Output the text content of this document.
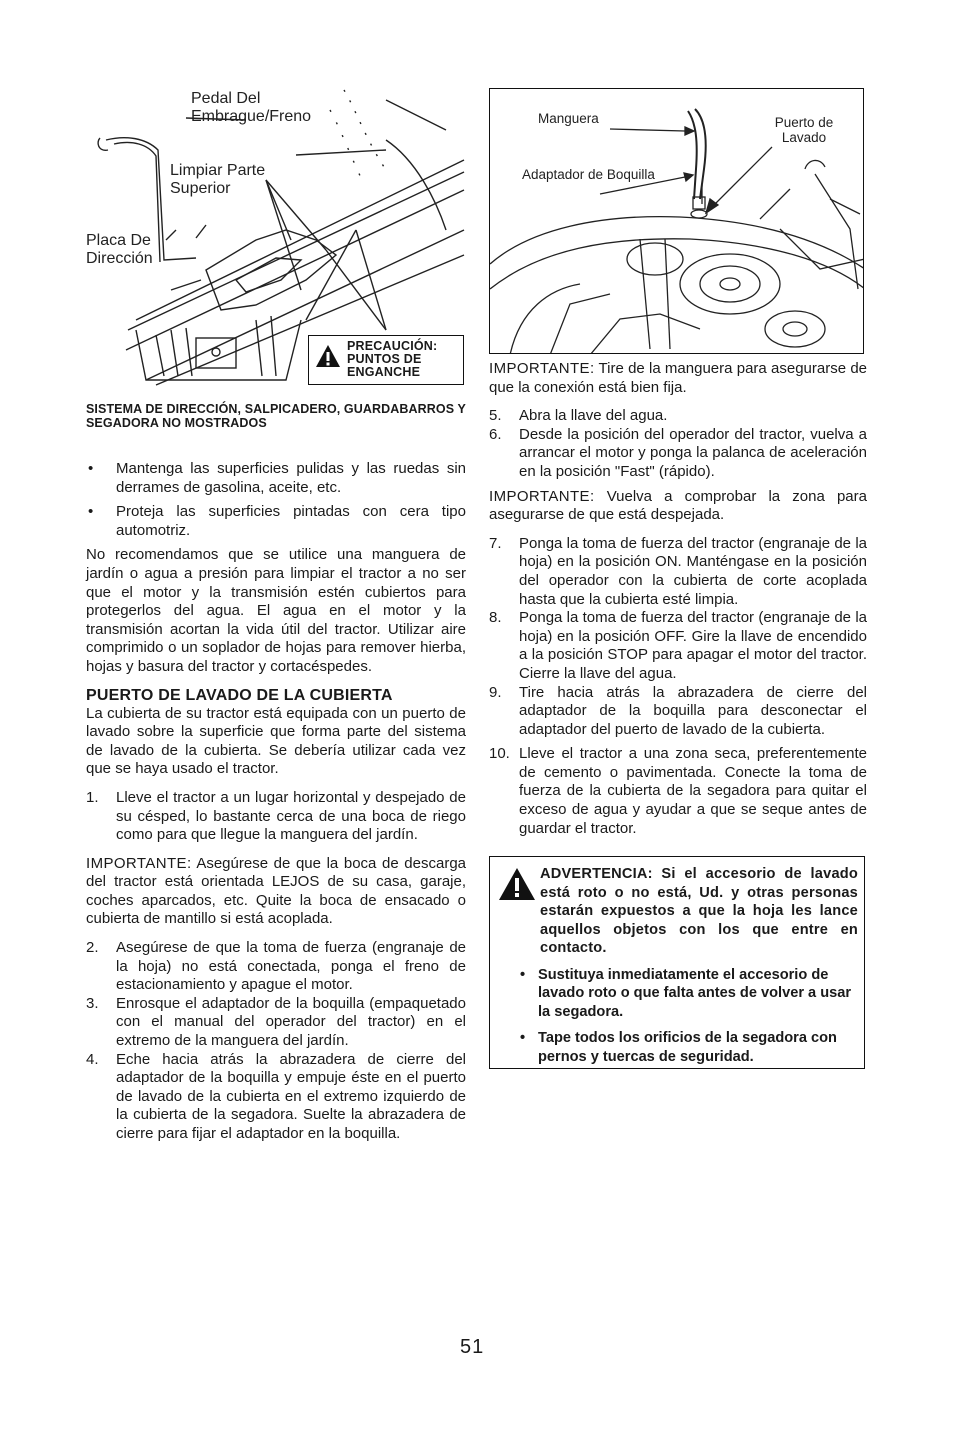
Pedal Del Embrague/Freno
Limpiar Parte Superior
Placa De Dirección
PRECAUCIÓN:
PUNTOS DE
ENGANCHE
SISTEMA DE DIRECCIÓN, SALPICADERO, GUARDABARROS Y SEGADORA NO MOSTRADOS
• Mantenga las superficies pulidas y las ruedas sin derrames de gasolina, aceite, etc.
• Proteja las superficies pintadas con cera tipo automotriz.

No recomendamos que se utilice una manguera de jardín o agua a presión para limpiar el tractor a no ser que el motor y la transmisión estén cubiertos para protegerlos del agua. El agua en el motor y la transmisión acortan la vida útil del tractor. Utilizar aire comprimido o un soplador de hojas para remover hierba, hojas y basura del tractor y cortacéspedes.

PUERTO DE LAVADO DE LA CUBIERTA

La cubierta de su tractor está equipada con un puerto de lavado sobre la superficie que forma parte del sistema de lavado de la cubierta. Se debería utilizar cada vez que se haya usado el tractor.

1. Lleve el tractor a un lugar horizontal y despejado de su césped, lo bastante cerca de una boca de riego como para que llegue la manguera del jardín.

IMPORTANTE: Asegúrese de que la boca de descarga del tractor está orientada LEJOS de su casa, garaje, coches aparcados, etc. Quite la boca de ensacado o cubierta de mantillo si está acoplada.

2. Asegúrese de que la toma de fuerza (engranaje de la hoja) no está conectada, ponga el freno de estacionamiento y apague el motor.
3. Enrosque el adaptador de la boquilla (empaquetado con el manual del operador del tractor) en el extremo de la manguera del jardín.
4. Eche hacia atrás la abrazadera de cierre del adaptador de la boquilla y empuje éste en el puerto de lavado de la cubierta en el extremo izquierdo de la cubierta de la segadora. Suelte la abrazadera de cierre para fijar el adaptador en la boquilla.
Manguera	Puerto de Lavado
Adaptador de Boquilla

IMPORTANTE: Tire de la manguera para asegurarse de que la conexión está bien fija.

5. Abra la llave del agua.
6. Desde la posición del operador del tractor, vuelva a arrancar el motor y ponga la palanca de aceleración en la posición "Fast" (rápido).

IMPORTANTE: Vuelva a comprobar la zona para asegurarse de que está despejada.

7. Ponga la toma de fuerza del tractor (engranaje de la hoja) en la posición ON. Manténgase en la posición del operador con la cubierta de corte acoplada hasta que la cubierta esté limpia.
8. Ponga la toma de fuerza del tractor (engranaje de la hoja) en la posición OFF. Gire la llave de encendido a la posición STOP para apagar el motor del tractor. Cierre la llave del agua.
9. Tire hacia atrás la abrazadera de cierre del adaptador de la boquilla para desconectar el adaptador del puerto de lavado de la cubierta.
10. Lleve el tractor a una zona seca, preferentemente de cemento o pavimentada. Conecte la toma de fuerza de la cubierta de la segadora para quitar el exceso de agua y ayudar a que se seque antes de guardar el tractor.
ADVERTENCIA: Si el accesorio de lavado está roto o no está, Ud. y otras personas estarán expuestos a que la hoja les lance aquellos objetos con los que entre en contacto.
• Sustituya inmediatamente el accesorio de lavado roto o que falta antes de volver a usar la segadora.
• Tape todos los orificios de la segadora con pernos y tuercas de seguridad.
51
